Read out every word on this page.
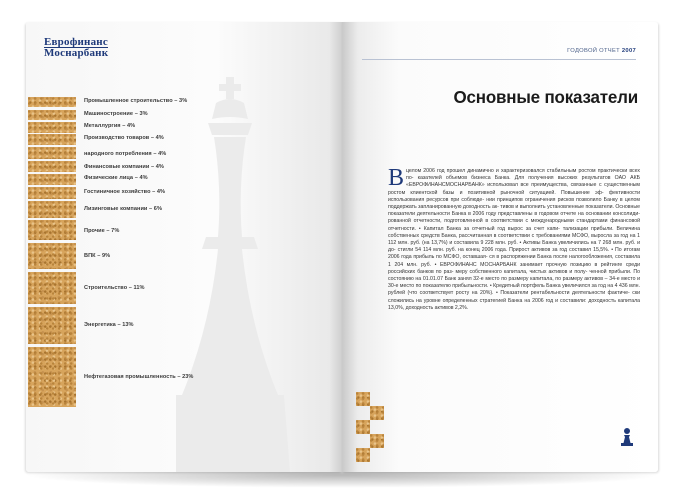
Еврофинанс
Моснарбанк
Промышленное строительство – 3%
Машиностроение – 3%
Металлургия – 4%
Производство товаров – 4%
народного потребления – 4%
Финансовые компании – 4%
Физические лица – 4%
Гостиничное хозяйство – 4%
Лизинговые компании – 6%
Прочие – 7%
ВПК – 9%
Строительство – 11%
Энергетика – 13%
Нефтегазовая промышленность – 23%
ГОДОВОЙ ОТЧЕТ 2007
Основные показатели
В целом 2006 год прошел динамично и характеризовался стабильным ростом практически всех по- казателей объемов бизнеса Банка. Для получения высоких результатов ОАО АКБ «ЕВРОФИНАНСМОСНАРБАНК» использовал все преимущества, связанные с существенным ростом клиентской базы и позитивной рыночной ситуацией. Повышение эф- фективности использования ресурсов при соблюде- нии принципов ограничения рисков позволило Банку в целом поддержать запланированную доходность ак- тивов и выполнить установленные показатели. Основные показатели деятельности Банка в 2006 году представлены в годовом отчете на основании консолиди- рованной отчетности, подготовленной в соответствии с международными стандартами финансовой отчетности. • Капитал Банка за отчетный год вырос за счет капи- тализации прибыли. Величина собственных средств Банка, рассчитанная в соответствии с требованиями МСФО, выросла за год на 1 112 млн. руб. (на 13,7%) и составила 9 228 млн. руб. • Активы Банка увеличились на 7 268 млн. руб. и до- стигли 54 114 млн. руб. на конец 2006 года. Прирост активов за год составил 15,5%. • По итогам 2006 года прибыль по МСФО, оставшая- ся в распоряжении Банка после налогообложения, составила 1 204 млн. руб. • ЕВРОФИНАНС МОСНАРБАНК занимает прочную позицию в рейтинге среди российских банков по раз- меру собственного капитала, чистых активов и полу- ченной прибыли. По состоянию на 01.01.07 Банк занял 32-е место по размеру капитала, по размеру активов – 34-е место и 30-е место по показателю прибыльности. • Кредитный портфель Банка увеличился за год на 4 436 млн. рублей (что соответствует росту на 20%). • Показатели рентабельности деятельности фактиче- ски сложились на уровне определенных стратегией Банка на 2006 год и составили: доходность капитала 13,0%, доходность активов 2,2%.
